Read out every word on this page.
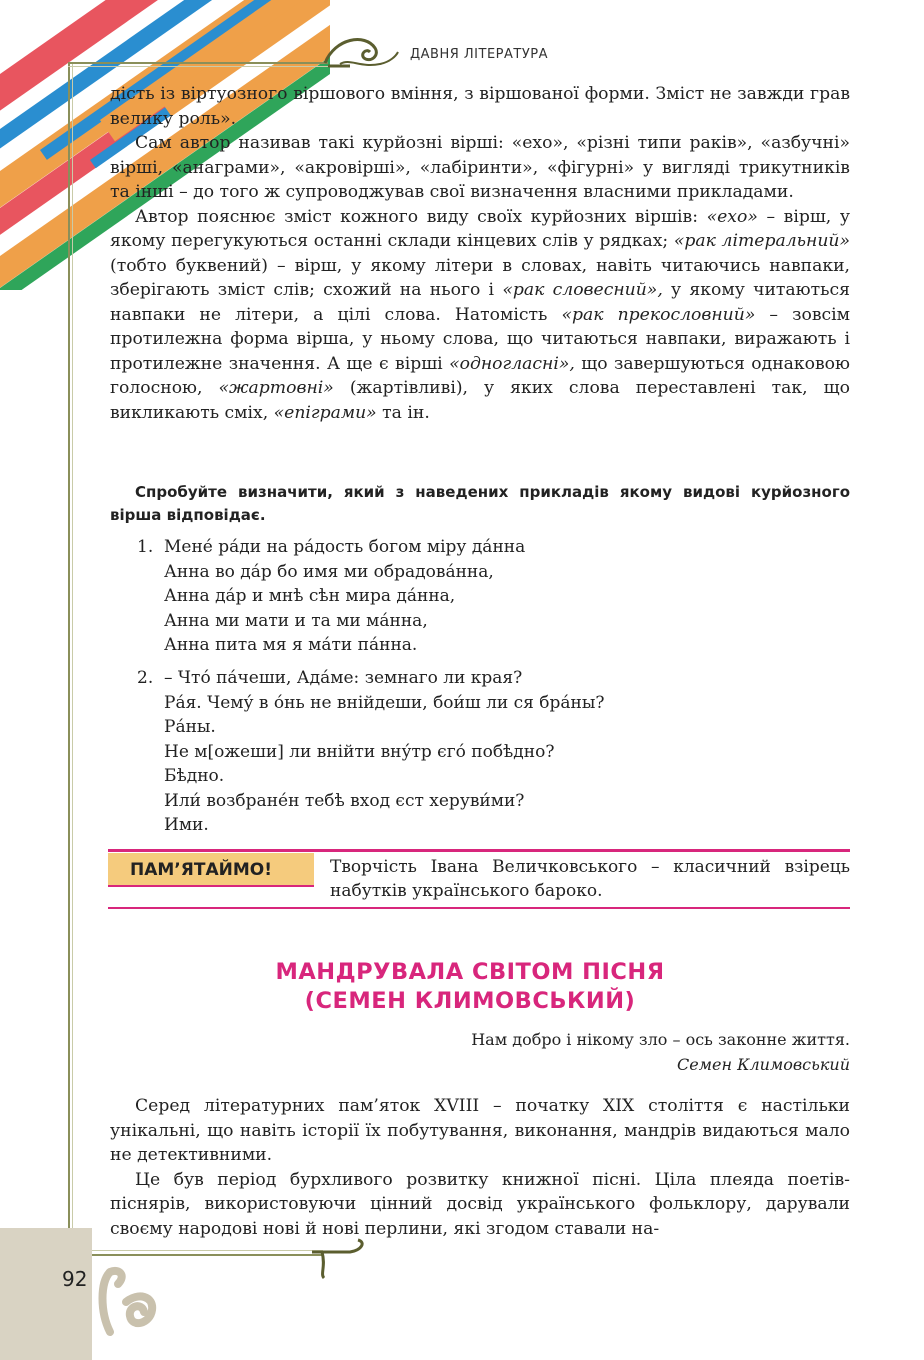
ДАВНЯ ЛІТЕРАТУРА

дість із віртуозного віршового вміння, з віршованої форми. Зміст не завжди грав велику роль».

Сам автор називав такі курйозні вірші: «ехо», «різні типи раків», «азбучні» вірші, «анаграми», «акровірші», «лабіринти», «фігурні» у вигляді трикутників та інші – до того ж супроводжував свої визначення власними прикладами.

Автор пояснює зміст кожного виду своїх курйозних віршів: «ехо» – вірш, у якому перегукуються останні склади кінцевих слів у рядках; «рак літеральний» (тобто буквений) – вірш, у якому літери в словах, навіть читаючись навпаки, зберігають зміст слів; схожий на нього і «рак словесний», у якому читаються навпаки не літери, а цілі слова. Натомість «рак прекословний» – зовсім протилежна форма вірша, у ньому слова, що читаються навпаки, виражають і протилежне значення. А ще є вірші «одногласні», що завершуються однаковою голосною, «жартовні» (жартівливі), у яких слова переставлені так, що викликають сміх, «епіграми» та ін.

Спробуйте визначити, який з наведених прикладів якому видові курйозного вірша відповідає.
1. Мене́ ра́ди на ра́дость богом міру да́нна
Анна во да́р бо имя ми обрадова́нна,
Анна да́р и мнѣ сѣн мира да́нна,
Анна ми мати и та ми ма́нна,
Анна пита мя я ма́ти па́нна.
2. – Что́ па́чеши, Ада́ме: земнаго ли края?
Ра́я. Чему́ в о́нь не внійдеши, бои́ш ли ся бра́ны?
Ра́ны.
Не м[ожеши] ли внійти вну́тр єго́ побѣдно?
Бѣдно.
Или́ возбране́н тебѣ вход єст херуви́ми?
Ими.
ПАМ’ЯТАЙМО!	Творчість Івана Величковського – класичний взірець набутків українського бароко.
МАНДРУВАЛА СВІТОМ ПІСНЯ
(СЕМЕН КЛИМОВСЬКИЙ)
Нам добро і нікому зло – ось законне життя.
Семен Климовський

Серед літературних пам’яток XVIII – початку XIX століття є настільки унікальні, що навіть історії їх побутування, виконання, мандрів видаються мало не детективними.

Це був період бурхливого розвитку книжної пісні. Ціла плеяда поетів-піснярів, використовуючи цінний досвід українського фольклору, дарували своєму народові нові й нові перлини, які згодом ставали на-

92
